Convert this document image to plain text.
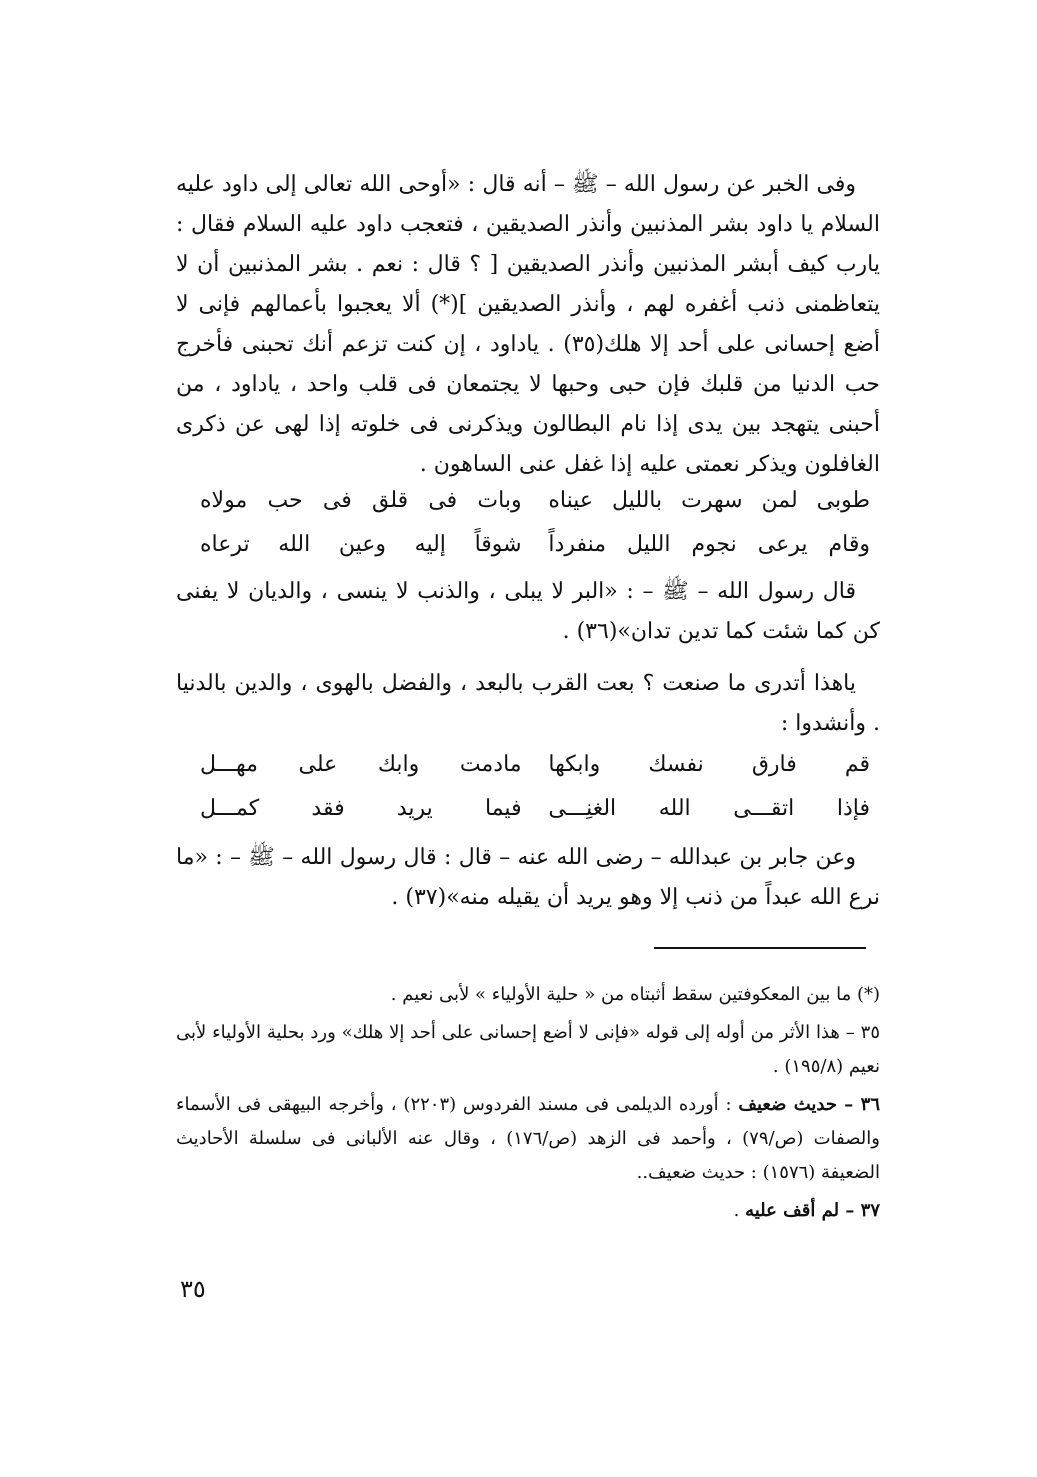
وفى الخبر عن رسول الله – ﷺ – أنه قال : «أوحى الله تعالى إلى داود عليه السلام يا داود بشر المذنبين وأنذر الصديقين ، فتعجب داود عليه السلام فقال : يارب كيف أبشر المذنبين وأنذر الصديقين [ ؟ قال : نعم . بشر المذنبين أن لا يتعاظمنى ذنب أغفره لهم ، وأنذر الصديقين ](*) ألا يعجبوا بأعمالهم فإنى لا أضع إحسانى على أحد إلا هلك(٣٥) . ياداود ، إن كنت تزعم أنك تحبنى فأخرج حب الدنيا من قلبك فإن حبى وحبها لا يجتمعان فى قلب واحد ، ياداود ، من أحبنى يتهجد بين يدى إذا نام البطالون ويذكرنى فى خلوته إذا لهى عن ذكرى الغافلون ويذكر نعمتى عليه إذا غفل عنى الساهون .

طوبى لمن سهرت بالليل عيناه
وبات فى قلق فى حب مولاه
وقام يرعى نجوم الليل منفرداً
شوقاً إليه وعين الله ترعاه

قال رسول الله – ﷺ – : «البر لا يبلى ، والذنب لا ينسى ، والديان لا يفنى كن كما شئت كما تدين تدان»(٣٦) .

ياهذا أتدرى ما صنعت ؟ بعت القرب بالبعد ، والفضل بالهوى ، والدين بالدنيا . وأنشدوا :

قم فارق نفسك وابكها
مادمت وابك على مهـــل
فإذا اتقـــى الله الغنِـــى
فيما يريد فقد كمـــل

وعن جابر بن عبدالله – رضى الله عنه – قال : قال رسول الله – ﷺ – : «ما نرع الله عبداً من ذنب إلا وهو يريد أن يقيله منه»(٣٧) .

(*) ما بين المعكوفتين سقط أثبتاه من « حلية الأولياء » لأبى نعيم .

٣٥ – هذا الأثر من أوله إلى قوله «فإنى لا أضع إحسانى على أحد إلا هلك» ورد بحلية الأولياء لأبى نعيم (١٩٥/٨) .

٣٦ – حديث ضعيف : أورده الديلمى فى مسند الفردوس (٢٢٠٣) ، وأخرجه البيهقى فى الأسماء والصفات (ص/٧٩) ، وأحمد فى الزهد (ص/١٧٦) ، وقال عنه الألبانى فى سلسلة الأحاديث الضعيفة (١٥٧٦) : حديث ضعيف..

٣٧ – لم أقف عليه .

٣٥
